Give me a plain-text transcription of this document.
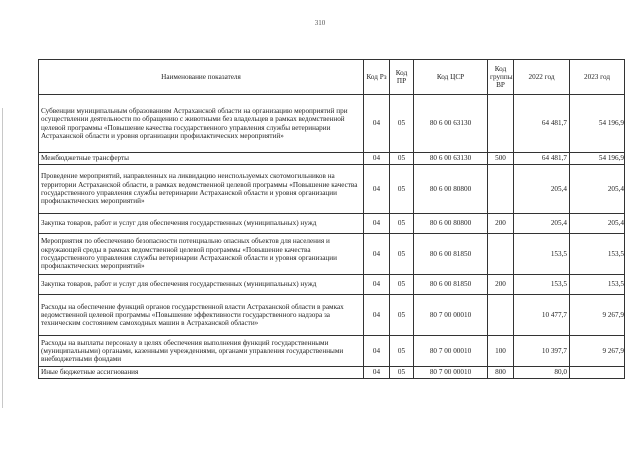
310
Наименование показателя	Код Рз	Код ПР	Код ЦСР	Код группы ВР	2022 год	2023 год
Субвенции муниципальным образованиям Астраханской области на организацию мероприятий при осуществлении деятельности по обращению с животными без владельцев в рамках ведомственной целевой программы «Повышение качества государственного управления службы ветеринарии Астраханской области и уровня организации профилактических мероприятий»	04	05	80 6 00 63130		64 481,7	54 196,9
Межбюджетные трансферты	04	05	80 6 00 63130	500	64 481,7	54 196,9
Проведение мероприятий, направленных на ликвидацию неиспользуемых скотомогильников на территории Астраханской области, в рамках ведомственной целевой программы «Повышение качества государственного управления службы ветеринарии Астраханской области и уровня организации профилактических мероприятий»	04	05	80 6 00 80800		205,4	205,4
Закупка товаров, работ и услуг для обеспечения государственных (муниципальных) нужд	04	05	80 6 00 80800	200	205,4	205,4
Мероприятия по обеспечению безопасности потенциально опасных объектов для населения и окружающей среды в рамках ведомственной целевой программы «Повышение качества государственного управления службы ветеринарии Астраханской области и уровня организации профилактических мероприятий»	04	05	80 6 00 81850		153,5	153,5
Закупка товаров, работ и услуг для обеспечения государственных (муниципальных) нужд	04	05	80 6 00 81850	200	153,5	153,5
Расходы на обеспечение функций органов государственной власти Астраханской области в рамках ведомственной целевой программы «Повышение эффективности государственного надзора за техническим состоянием самоходных машин в Астраханской области»	04	05	80 7 00 00010		10 477,7	9 267,9
Расходы на выплаты персоналу в целях обеспечения выполнения функций государственными (муниципальными) органами, казенными учреждениями, органами управления государственными внебюджетными фондами	04	05	80 7 00 00010	100	10 397,7	9 267,9
Иные бюджетные ассигнования	04	05	80 7 00 00010	800	80,0	
